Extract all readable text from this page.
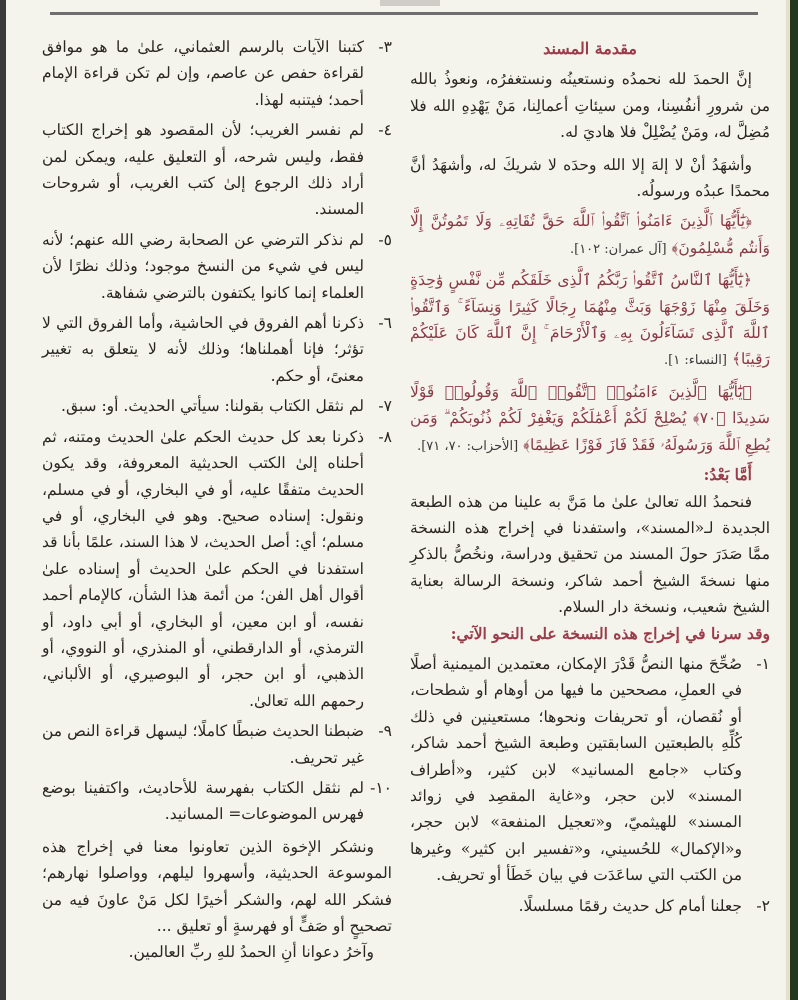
مقدمة المسند

إنَّ الحمدَ لله نحمدُه ونستعينُه ونستغفرُه، ونعوذُ بالله من شرورِ أنفُسِنا، ومن سيئاتِ أعمالِنا، مَنْ يَهْدِهِ الله فلا مُضِلَّ له، ومَنْ يُضْلِلْ فلا هاديَ له.

وأشهَدُ أنْ لا إلهَ إلا الله وحدَه لا شريكَ له، وأشهَدُ أنَّ محمدًا عبدُه ورسولُه.

﴿يَٰٓأَيُّهَا ٱلَّذِينَ ءَامَنُوا۟ ٱتَّقُوا۟ ٱللَّهَ حَقَّ تُقَاتِهِۦ وَلَا تَمُوتُنَّ إِلَّا وَأَنتُم مُّسْلِمُونَ﴾ [آل عمران: ١٠٢].

﴿يَٰٓأَيُّهَا ٱلنَّاسُ ٱتَّقُوا۟ رَبَّكُمُ ٱلَّذِى خَلَقَكُم مِّن نَّفْسٍ وَٰحِدَةٍ وَخَلَقَ مِنْهَا زَوْجَهَا وَبَثَّ مِنْهُمَا رِجَالًا كَثِيرًا وَنِسَآءً ۚ وَٱتَّقُوا۟ ٱللَّهَ ٱلَّذِى تَسَآءَلُونَ بِهِۦ وَٱلْأَرْحَامَ ۚ إِنَّ ٱللَّهَ كَانَ عَلَيْكُمْ رَقِيبًا﴾ [النساء: ١].

﴿يَٰٓأَيُّهَا ٱلَّذِينَ ءَامَنُوا۟ ٱتَّقُوا۟ ٱللَّهَ وَقُولُوا۟ قَوْلًا سَدِيدًا ﴿٧٠﴾ يُصْلِحْ لَكُمْ أَعْمَٰلَكُمْ وَيَغْفِرْ لَكُمْ ذُنُوبَكُمْ ۗ وَمَن يُطِعِ ٱللَّهَ وَرَسُولَهُۥ فَقَدْ فَازَ فَوْزًا عَظِيمًا﴾ [الأحزاب: ٧٠، ٧١].

أَمَّا بَعْدُ:

فنحمدُ الله تعالىٰ علىٰ ما مَنَّ به علينا من هذه الطبعة الجديدة لـ«المسند»، واستفدنا في إخراج هذه النسخة ممَّا صَدَرَ حولَ المسند من تحقيق ودراسة، ونخُصُّ بالذكرِ منها نسخةَ الشيخ أحمد شاكر، ونسخة الرسالة بعناية الشيخ شعيب، ونسخة دار السلام.

وقد سرنا في إخراج هذه النسخة على النحو الآتي:

١-
صُحِّحَ منها النصُّ قَدْرَ الإمكان، معتمدين الميمنية أصلًا في العملِ، مصححين ما فيها من أوهام أو شطحات، أو نُقصان، أو تحريفات ونحوها؛ مستعينين في ذلك كُلِّهِ بالطبعتين السابقتين وطبعة الشيخ أحمد شاكر، وكتاب «جامع المسانيد» لابن كثير، و«أطراف المسند» لابن حجر، و«غاية المقصِد في زوائد المسند» للهيثميّ، و«تعجيل المنفعة» لابن حجر، و«الإكمال» للحُسيني، و«تفسير ابن كثير» وغيرها من الكتب التي ساعَدَت في بيان خَطَأ أو تحريف.
٢-
جعلنا أمام كل حديث رقمًا مسلسلًا.
٣-
كتبنا الآيات بالرسم العثماني، علىٰ ما هو موافق لقراءة حفص عن عاصم، وإن لم تكن قراءة الإمام أحمد؛ فيتنبه لهذا.
٤-
لم نفسر الغريب؛ لأن المقصود هو إخراج الكتاب فقط، وليس شرحه، أو التعليق عليه، ويمكن لمن أراد ذلك الرجوع إلىٰ كتب الغريب، أو شروحات المسند.
٥-
لم نذكر الترضي عن الصحابة رضي الله عنهم؛ لأنه ليس في شيء من النسخ موجود؛ وذلك نظرًا لأن العلماء إنما كانوا يكتفون بالترضي شفاهة.
٦-
ذكرنا أهم الفروق في الحاشية، وأما الفروق التي لا تؤثر؛ فإنا أهملناها؛ وذلك لأنه لا يتعلق به تغيير معنىً، أو حكم.
٧-
لم نثقل الكتاب بقولنا: سيأتي الحديث. أو: سبق.
٨-
ذكرنا بعد كل حديث الحكم علىٰ الحديث ومتنه، ثم أحلناه إلىٰ الكتب الحديثية المعروفة، وقد يكون الحديث متفقًا عليه، أو في البخاري، أو في مسلم، ونقول: إسناده صحيح. وهو في البخاري، أو في مسلم؛ أي: أصل الحديث، لا هذا السند، علمًا بأنا قد استفدنا في الحكم علىٰ الحديث أو إسناده علىٰ أقوال أهل الفن؛ من أئمة هذا الشأن، كالإمام أحمد نفسه، أو ابن معين، أو البخاري، أو أبي داود، أو الترمذي، أو الدارقطني، أو المنذري، أو النووي، أو الذهبي، أو ابن حجر، أو البوصيري، أو الألباني، رحمهم الله تعالىٰ.
٩-
ضبطنا الحديث ضبطًا كاملًا؛ ليسهل قراءة النص من غير تحريف.
١٠-
لم نثقل الكتاب بفهرسة للأحاديث، واكتفينا بوضع فهرس الموضوعات= المسانيد.

ونشكر الإخوة الذين تعاونوا معنا في إخراج هذه الموسوعة الحديثية، وأسهروا ليلهم، وواصلوا نهارهم؛ فشكر الله لهم، والشكر أخيرًا لكل مَنْ عاونَ فيه من تصحيحٍ أو صَفٍّ أو فهرسةٍ أو تعليق ...

وآخرُ دعوانا أنِ الحمدُ للهِ ربِّ العالمين.
